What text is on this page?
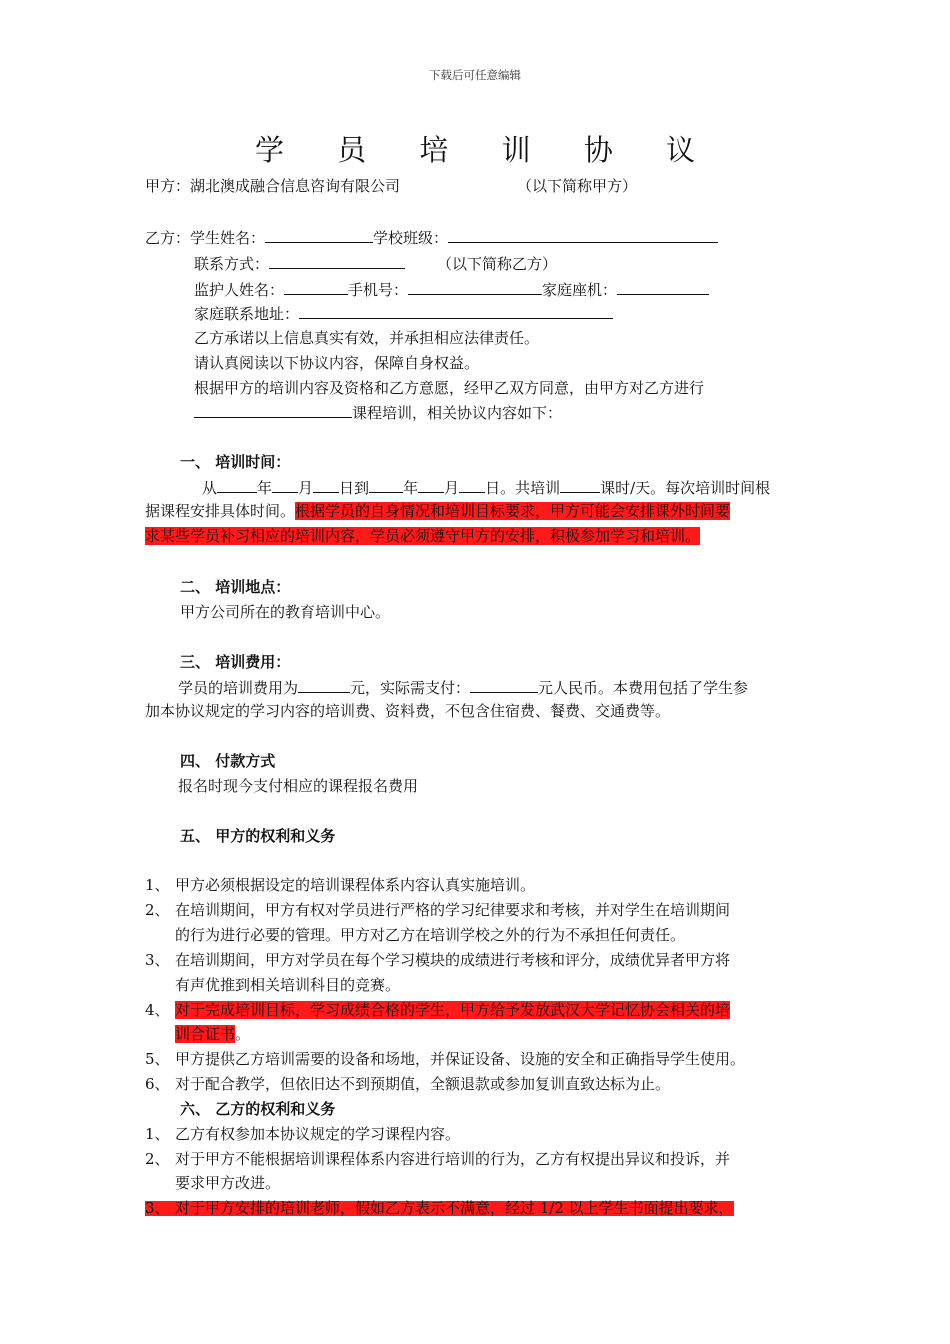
下载后可任意编辑
学 员 培 训 协 议
甲方：湖北澳成融合信息咨询有限公司	（以下简称甲方）
乙方：学生姓名：	学校班级：
联系方式：	（以下简称乙方）
监护人姓名：	手机号：	家庭座机：
家庭联系地址：
乙方承诺以上信息真实有效，并承担相应法律责任。
请认真阅读以下协议内容，保障自身权益。
根据甲方的培训内容及资格和乙方意愿，经甲乙双方同意，由甲方对乙方进行
课程培训，相关协议内容如下：
一、 培训时间：
从	年 月 日到 年 月 日。共培训	课时/天。每次培训时间根
据课程安排具体时间。根据学员的自身情况和培训目标要求，甲方可能会安排课外时间要
求某些学员补习相应的培训内容，学员必须遵守甲方的安排，积极参加学习和培训。
二、 培训地点：
甲方公司所在的教育培训中心。
三、 培训费用：
学员的培训费用为	元，实际需支付：	元人民币。本费用包括了学生参
加本协议规定的学习内容的培训费、资料费，不包含住宿费、餐费、交通费等。
四、 付款方式
报名时现今支付相应的课程报名费用
五、 甲方的权利和义务
1、 甲方必须根据设定的培训课程体系内容认真实施培训。
2、 在培训期间，甲方有权对学员进行严格的学习纪律要求和考核，并对学生在培训期间
的行为进行必要的管理。甲方对乙方在培训学校之外的行为不承担任何责任。
3、 在培训期间，甲方对学员在每个学习模块的成绩进行考核和评分，成绩优异者甲方将
有声优推到相关培训科目的竞赛。
4、 对于完成培训目标，学习成绩合格的学生，甲方给予发放武汉大学记忆协会相关的培
训合证书。
5、 甲方提供乙方培训需要的设备和场地，并保证设备、设施的安全和正确指导学生使用。
6、 对于配合教学，但依旧达不到预期值，全额退款或参加复训直致达标为止。
六、 乙方的权利和义务
1、 乙方有权参加本协议规定的学习课程内容。
2、 对于甲方不能根据培训课程体系内容进行培训的行为，乙方有权提出异议和投诉，并
要求甲方改进。
3、 对于甲方安排的培训老师，假如乙方表示不满意，经过 1/2 以上学生书面提出要求，
